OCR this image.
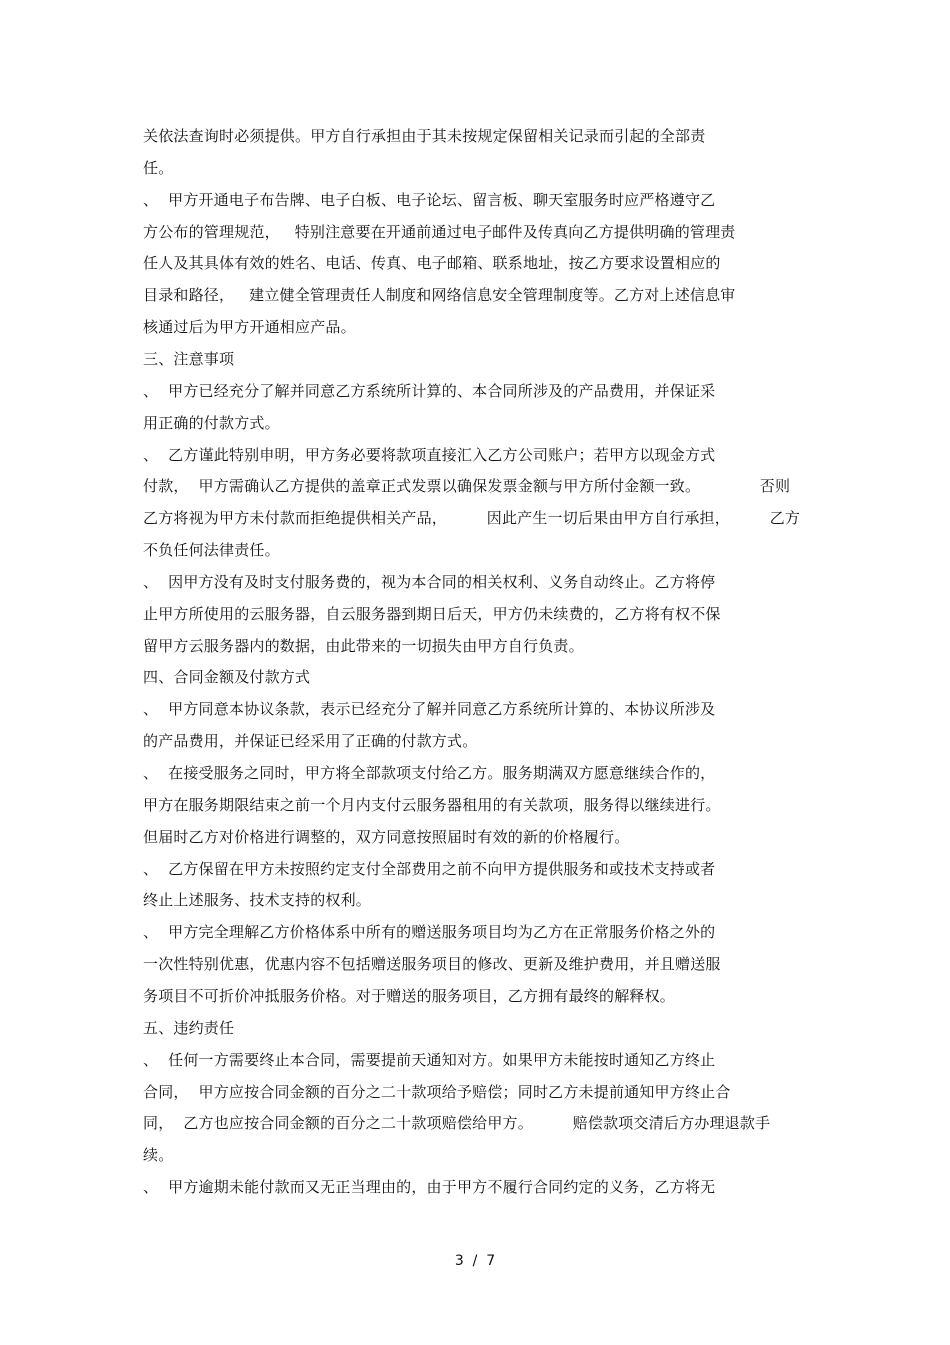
关依法查询时必须提供。甲方自行承担由于其未按规定保留相关记录而引起的全部责
任。
、  甲方开通电子布告牌、电子白板、电子论坛、留言板、聊天室服务时应严格遵守乙
方公布的管理规范，   特别注意要在开通前通过电子邮件及传真向乙方提供明确的管理责
任人及其具体有效的姓名、电话、传真、电子邮箱、联系地址，按乙方要求设置相应的
目录和路径，   建立健全管理责任人制度和网络信息安全管理制度等。乙方对上述信息审
核通过后为甲方开通相应产品。
三、注意事项
、  甲方已经充分了解并同意乙方系统所计算的、本合同所涉及的产品费用，并保证采
用正确的付款方式。
、  乙方谨此特别申明，甲方务必要将款项直接汇入乙方公司账户；若甲方以现金方式
付款，  甲方需确认乙方提供的盖章正式发票以确保发票金额与甲方所付金额一致。            否则
乙方将视为甲方未付款而拒绝提供相关产品，        因此产生一切后果由甲方自行承担，        乙方
不负任何法律责任。
、  因甲方没有及时支付服务费的，视为本合同的相关权利、义务自动终止。乙方将停
止甲方所使用的云服务器，自云服务器到期日后天，甲方仍未续费的，乙方将有权不保
留甲方云服务器内的数据，由此带来的一切损失由甲方自行负责。
四、合同金额及付款方式
、  甲方同意本协议条款，表示已经充分了解并同意乙方系统所计算的、本协议所涉及
的产品费用，并保证已经采用了正确的付款方式。
、  在接受服务之同时，甲方将全部款项支付给乙方。服务期满双方愿意继续合作的，
甲方在服务期限结束之前一个月内支付云服务器租用的有关款项，服务得以继续进行。
但届时乙方对价格进行调整的，双方同意按照届时有效的新的价格履行。
、  乙方保留在甲方未按照约定支付全部费用之前不向甲方提供服务和或技术支持或者
终止上述服务、技术支持的权利。
、  甲方完全理解乙方价格体系中所有的赠送服务项目均为乙方在正常服务价格之外的
一次性特别优惠，优惠内容不包括赠送服务项目的修改、更新及维护费用，并且赠送服
务项目不可折价冲抵服务价格。对于赠送的服务项目，乙方拥有最终的解释权。
五、违约责任
、  任何一方需要终止本合同，需要提前天通知对方。如果甲方未能按时通知乙方终止
合同，  甲方应按合同金额的百分之二十款项给予赔偿；同时乙方未提前通知甲方终止合
同，  乙方也应按合同金额的百分之二十款项赔偿给甲方。        赔偿款项交清后方办理退款手
续。
、  甲方逾期未能付款而又无正当理由的，由于甲方不履行合同约定的义务，乙方将无
3  /  7
